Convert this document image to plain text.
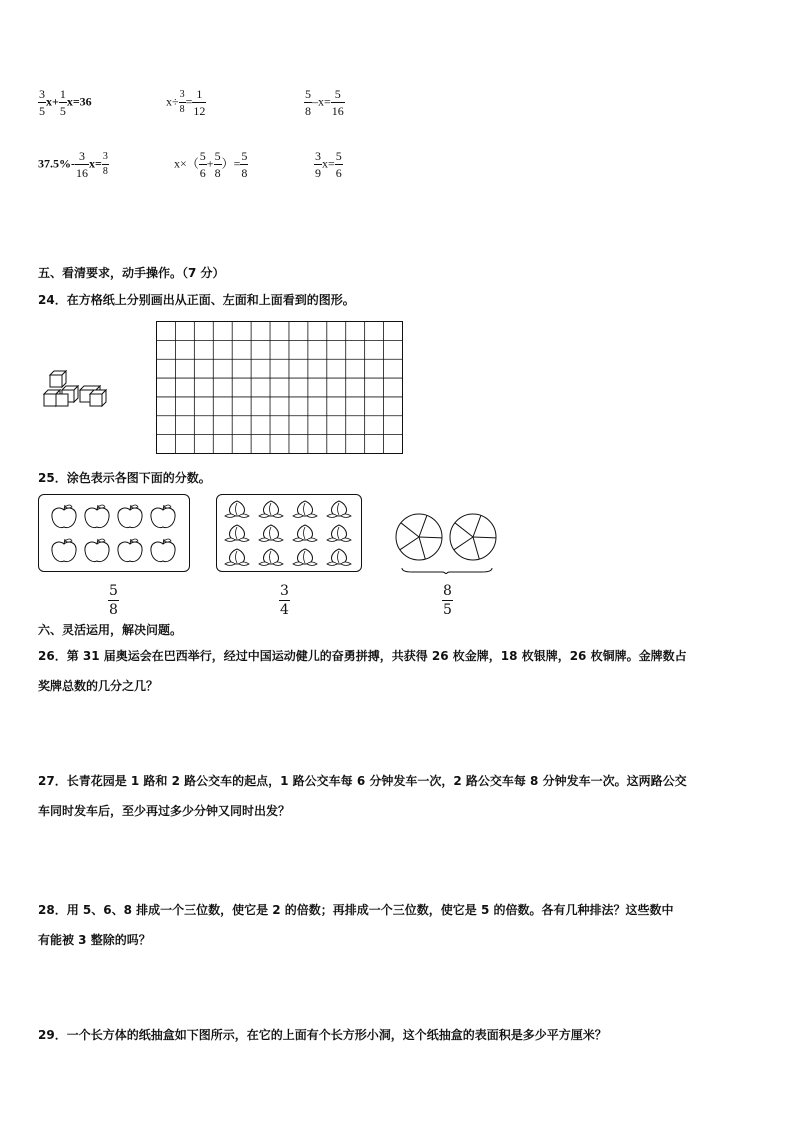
$\frac{3}{5} x+ \frac{1}{5} x=36$	$x\div \frac{3}{8} = \frac{1}{12}$	$\frac{5}{8} -x= \frac{5}{16}$
$37.5\%- \frac{3}{16} x= \frac{3}{8}$	$x\times( \frac{5}{6} + \frac{5}{8}$ ）= $\frac{5}{8}$	$\frac{3}{9} x= \frac{5}{6}$
五、看清要求，动手操作。（7 分）
24．在方格纸上分别画出从正面、左面和上面看到的图形。
25．涂色表示各图下面的分数。
$\frac{5}{8}$	$\frac{3}{4}$	$\frac{8}{5}$
六、灵活运用，解决问题。
26．第 31 届奥运会在巴西举行，经过中国运动健儿的奋勇拼搏，共获得 26 枚金牌，18 枚银牌，26 枚铜牌。金牌数占
奖牌总数的几分之几？
27．长青花园是 1 路和 2 路公交车的起点，1 路公交车每 6 分钟发车一次，2 路公交车每 8 分钟发车一次。这两路公交
车同时发车后，至少再过多少分钟又同时出发？
28．用 5、6、8 排成一个三位数，使它是 2 的倍数；再排成一个三位数，使它是 5 的倍数。各有几种排法？这些数中
有能被 3 整除的吗？
29．一个长方体的纸抽盒如下图所示，在它的上面有个长方形小洞，这个纸抽盒的表面积是多少平方厘米？
